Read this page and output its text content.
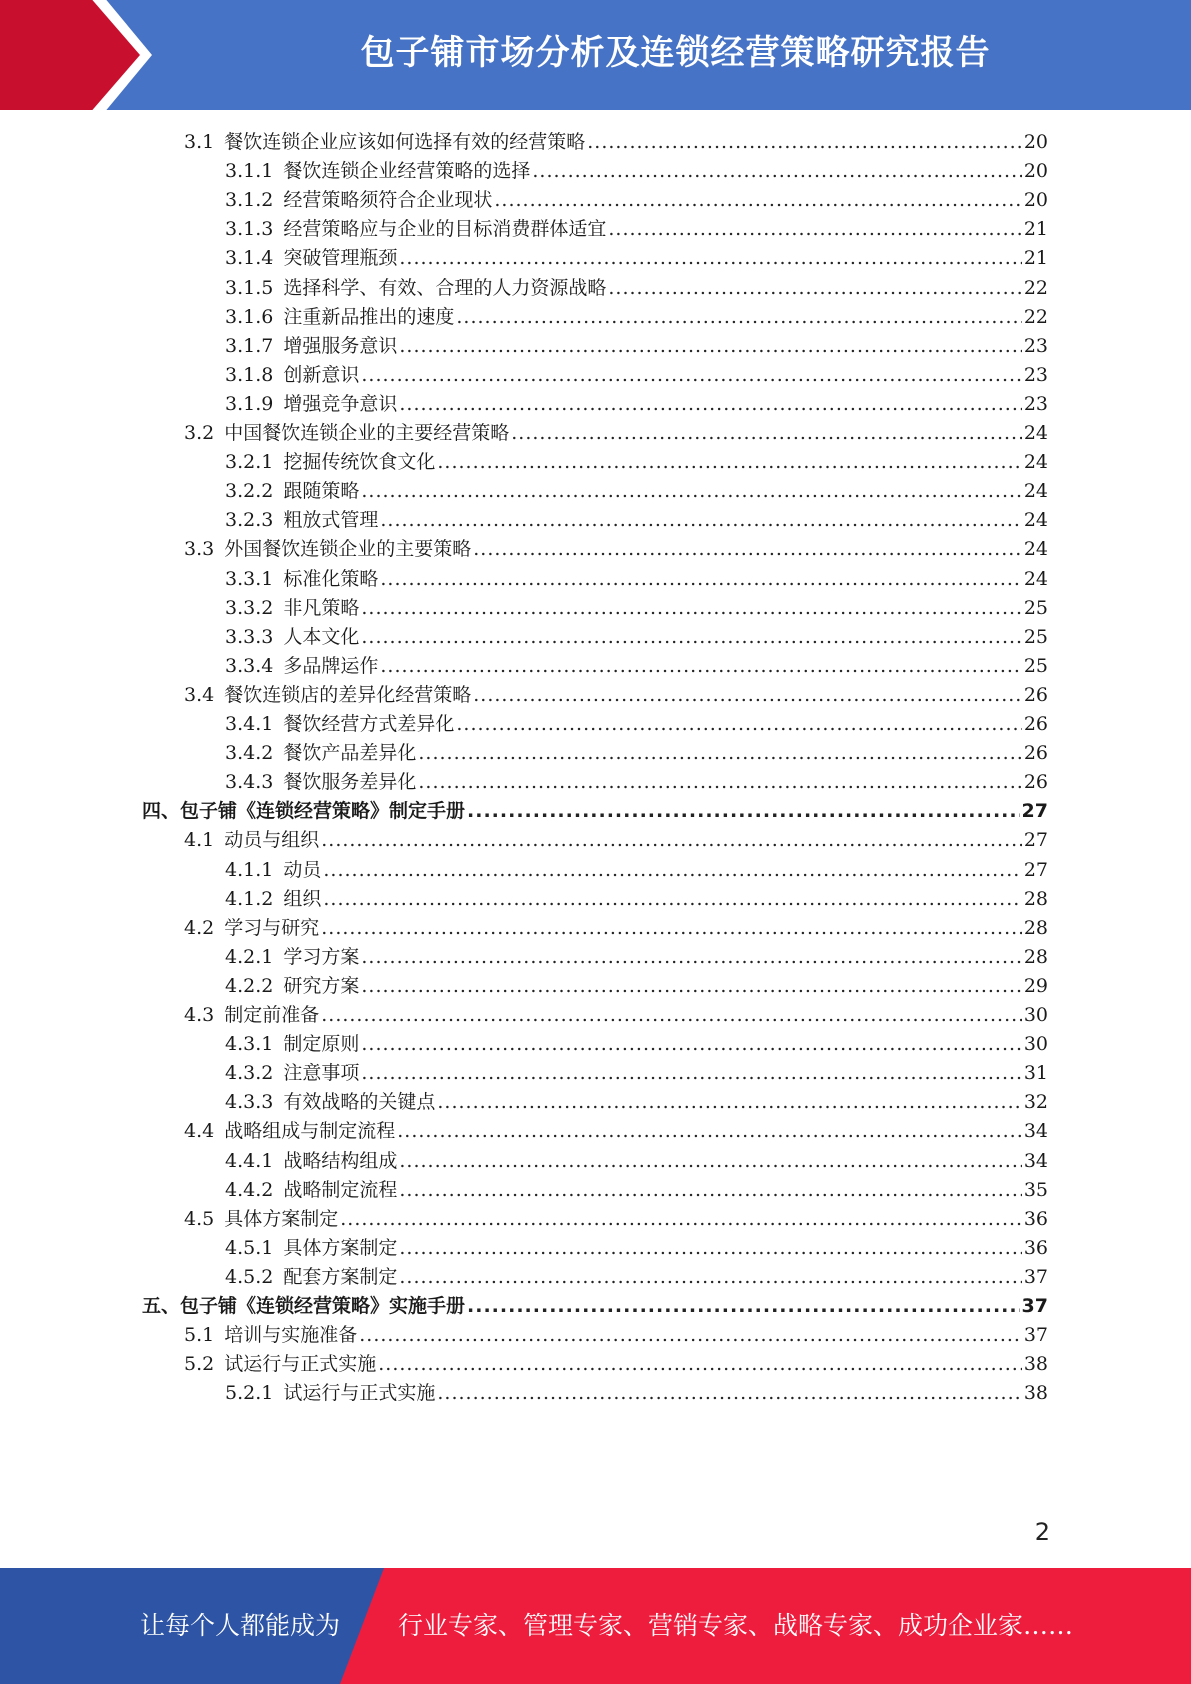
包子铺市场分析及连锁经营策略研究报告
3.1 餐饮连锁企业应该如何选择有效的经营策略 .....	20
3.1.1 餐饮连锁企业经营策略的选择 .....	20
3.1.2 经营策略须符合企业现状 .....	20
3.1.3 经营策略应与企业的目标消费群体适宜 .....	21
3.1.4 突破管理瓶颈 .....	21
3.1.5 选择科学、有效、合理的人力资源战略 .....	22
3.1.6 注重新品推出的速度 .....	22
3.1.7 增强服务意识 .....	23
3.1.8 创新意识 .....	23
3.1.9 增强竞争意识 .....	23
3.2 中国餐饮连锁企业的主要经营策略 .....	24
3.2.1 挖掘传统饮食文化 .....	24
3.2.2 跟随策略 .....	24
3.2.3 粗放式管理 .....	24
3.3 外国餐饮连锁企业的主要策略 .....	24
3.3.1 标准化策略 .....	24
3.3.2 非凡策略 .....	25
3.3.3 人本文化 .....	25
3.3.4 多品牌运作 .....	25
3.4 餐饮连锁店的差异化经营策略 .....	26
3.4.1 餐饮经营方式差异化 .....	26
3.4.2 餐饮产品差异化 .....	26
3.4.3 餐饮服务差异化 .....	26
四、包子铺《连锁经营策略》制定手册 .....	27
4.1 动员与组织 .....	27
4.1.1 动员 .....	27
4.1.2 组织 .....	28
4.2 学习与研究 .....	28
4.2.1 学习方案 .....	28
4.2.2 研究方案 .....	29
4.3 制定前准备 .....	30
4.3.1 制定原则 .....	30
4.3.2 注意事项 .....	31
4.3.3 有效战略的关键点 .....	32
4.4 战略组成与制定流程 .....	34
4.4.1 战略结构组成 .....	34
4.4.2 战略制定流程 .....	35
4.5 具体方案制定 .....	36
4.5.1 具体方案制定 .....	36
4.5.2 配套方案制定 .....	37
五、包子铺《连锁经营策略》实施手册 .....	37
5.1 培训与实施准备 .....	37
5.2 试运行与正式实施 .....	38
5.2.1 试运行与正式实施 .....	38
2
让每个人都能成为 行业专家、管理专家、营销专家、战略专家、成功企业家……
